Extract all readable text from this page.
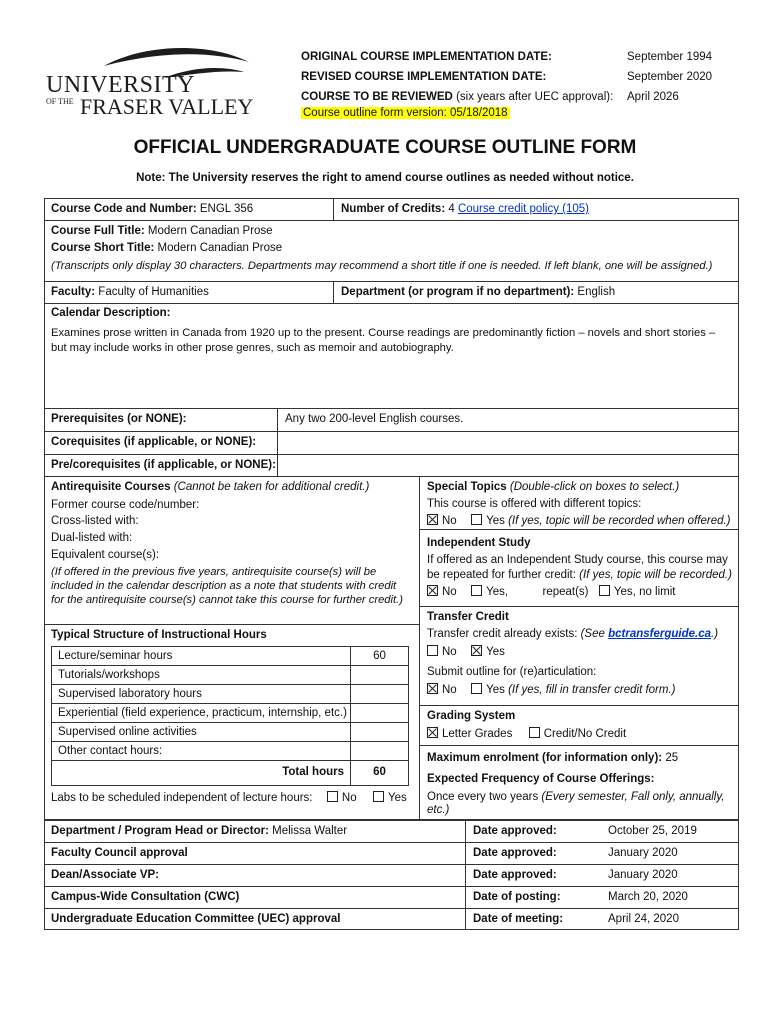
UNIVERSITY
OF THE FRASER VALLEY
ORIGINAL COURSE IMPLEMENTATION DATE:	September 1994
REVISED COURSE IMPLEMENTATION DATE:	September 2020
COURSE TO BE REVIEWED (six years after UEC approval): April 2026
Course outline form version: 05/18/2018
OFFICIAL UNDERGRADUATE COURSE OUTLINE FORM
Note: The University reserves the right to amend course outlines as needed without notice.
Course Code and Number: ENGL 356	Number of Credits: 4 Course credit policy (105)
Course Full Title: Modern Canadian Prose
Course Short Title: Modern Canadian Prose
(Transcripts only display 30 characters. Departments may recommend a short title if one is needed. If left blank, one will be assigned.)
Faculty: Faculty of Humanities	Department (or program if no department): English
Calendar Description:
Examines prose written in Canada from 1920 up to the present. Course readings are predominantly fiction – novels and short stories –
but may include works in other prose genres, such as memoir and autobiography.
Prerequisites (or NONE):	Any two 200-level English courses.
Corequisites (if applicable, or NONE):
Pre/corequisites (if applicable, or NONE):
Antirequisite Courses (Cannot be taken for additional credit.)
Former course code/number:
Cross-listed with:
Dual-listed with:
Equivalent course(s):
(If offered in the previous five years, antirequisite course(s) will be
included in the calendar description as a note that students with credit
for the antirequisite course(s) cannot take this course for further credit.)
Typical Structure of Instructional Hours
Lecture/seminar hours	60
Tutorials/workshops
Supervised laboratory hours
Experiential (field experience, practicum, internship, etc.)
Supervised online activities
Other contact hours:
Total hours	60
Labs to be scheduled independent of lecture hours:	No	Yes
Special Topics (Double-click on boxes to select.)
This course is offered with different topics:
No	Yes (If yes, topic will be recorded when offered.)
Independent Study
If offered as an Independent Study course, this course may
be repeated for further credit: (If yes, topic will be recorded.)
No	Yes,	repeat(s) Yes, no limit
Transfer Credit
Transfer credit already exists: (See bctransferguide.ca.)
No	Yes
Submit outline for (re)articulation:
No	Yes (If yes, fill in transfer credit form.)
Grading System
Letter Grades	Credit/No Credit
Maximum enrolment (for information only): 25
Expected Frequency of Course Offerings:
Once every two years (Every semester, Fall only, annually,
etc.)
Department / Program Head or Director: Melissa Walter	Date approved:	October 25, 2019
Faculty Council approval	Date approved:	January 2020
Dean/Associate VP:	Date approved:	January 2020
Campus-Wide Consultation (CWC)	Date of posting:	March 20, 2020
Undergraduate Education Committee (UEC) approval	Date of meeting:	April 24, 2020
